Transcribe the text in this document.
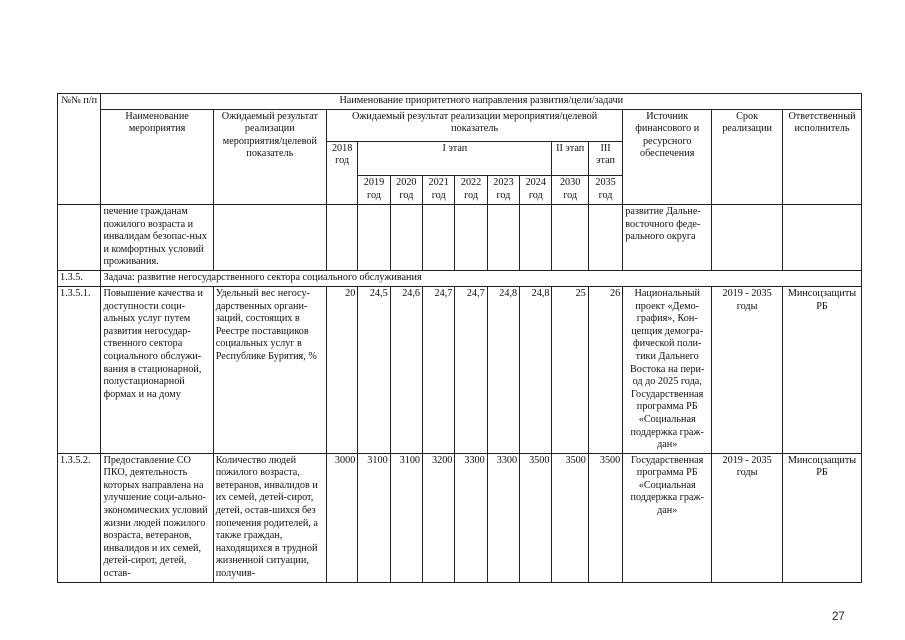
№№ п/п	Наименование приоритетного направления развития/цели/задачи													
	Наименование мероприятия	Ожидаемый результат реализации мероприятия/целевой показатель	Ожидаемый результат реализации мероприятия/целевой показатель									Источник финансового и ресурсного обеспечения	Срок реализации	Ответственный исполнитель
			2018 год	I этап						II этап	III этап			
				2019 год	2020 год	2021 год	2022 год	2023 год	2024 год	2030 год	2035 год			
	печение гражданам пожилого возраста и инвалидам безопас-ных и комфортных условий проживания.											развитие Дальне-восточного феде-рального округа		
1.3.5.	Задача: развитие негосударственного сектора социального обслуживания													
1.3.5.1.	Повышение качества и доступности соци-альных услуг путем развития негосудар-ственного сектора социального обслужи-вания в стационарной, полустационарной формах и на дому	Удельный вес негосу-дарственных органи-заций, состоящих в Реестре поставщиков социальных услуг в Республике Бурятия, %	20	24,5	24,6	24,7	24,7	24,8	24,8	25	26	Национальный проект «Демо-графия», Кон-цепция демогра-фической поли-тики Дальнего Востока на пери-од до 2025 года, Государственная программа РБ «Социальная поддержка граж-дан»	2019 - 2035 годы	Минсоцзащиты РБ
1.3.5.2.	Предоставление СО ПКО, деятельность которых направлена на улучшение соци-ально-экономических условий жизни людей пожилого возраста, ветеранов, инвалидов и их семей, детей-сирот, детей, остав-	Количество людей пожилого возраста, ветеранов, инвалидов и их семей, детей-сирот, детей, остав-шихся без попечения родителей, а также граждан, находящихся в трудной жизненной ситуации, получив-	3000	3100	3100	3200	3300	3300	3500	3500	3500	Государственная программа РБ «Социальная поддержка граж-дан»	2019 - 2035 годы	Минсоцзащиты РБ
27
